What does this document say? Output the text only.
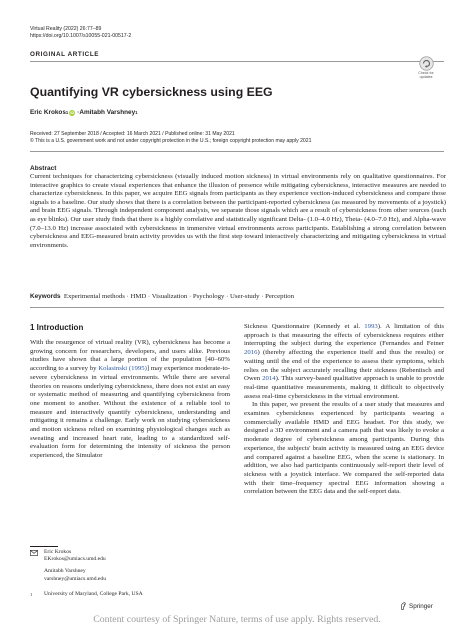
Virtual Reality (2022) 26:77–89
https://doi.org/10.1007/s10055-021-00517-2
ORIGINAL ARTICLE
Check for
updates
Quantifying VR cybersickness using EEG
Eric Krokos 1 iD · Amitabh Varshney 1
Received: 27 September 2018 / Accepted: 16 March 2021 / Published online: 31 May 2021
© This is a U.S. government work and not under copyright protection in the U.S.; foreign copyright protection may apply 2021
Abstract
Current techniques for characterizing cybersickness (visually induced motion sickness) in virtual environments rely on qualitative questionnaires. For interactive graphics to create visual experiences that enhance the illusion of presence while mitigating cybersickness, interactive measures are needed to characterize cybersickness. In this paper, we acquire EEG signals from participants as they experience vection-induced cybersickness and compare those signals to a baseline. Our study shows that there is a correlation between the participant-reported cybersickness (as measured by movements of a joystick) and brain EEG signals. Through independent component analysis, we separate those signals which are a result of cybersickness from other sources (such as eye blinks). Our user study finds that there is a highly correlative and statistically significant Delta- (1.0–4.0 Hz), Theta- (4.0–7.0 Hz), and Alpha-wave (7.0–13.0 Hz) increase associated with cybersickness in immersive virtual environments across participants. Establishing a strong correlation between cybersickness and EEG-measured brain activity provides us with the first step toward interactively characterizing and mitigating cybersickness in virtual environments.
Keywords Experimental methods · HMD · Visualization · Psychology · User-study · Perception
1 Introduction

With the resurgence of virtual reality (VR), cybersickness has become a growing concern for researchers, developers, and users alike. Previous studies have shown that a large portion of the population [40–60% according to a survey by Kolasinski (1995)] may experience moderate-to-severe cybersickness in virtual environments. While there are several theories on reasons underlying cybersickness, there does not exist an easy or systematic method of measuring and quantifying cybersickness from one moment to another. Without the existence of a reliable tool to measure and interactively quantify cybersickness, understanding and mitigating it remains a challenge. Early work on studying cybersickness and motion sickness relied on examining physiological changes such as sweating and increased heart rate, leading to a standardized self-evaluation form for determining the intensity of sickness the person experienced, the Simulator

Sickness Questionnaire (Kennedy et al. 1993). A limitation of this approach is that measuring the effects of cybersickness requires either interrupting the subject during the experience (Fernandes and Feiner 2016) (thereby affecting the experience itself and thus the results) or waiting until the end of the experience to assess their symptoms, which relies on the subject accurately recalling their sickness (Rebenitsch and Owen 2014). This survey-based qualitative approach is unable to provide real-time quantitative measurements, making it difficult to objectively assess real-time cybersickness in the virtual environment.

In this paper, we present the results of a user study that measures and examines cybersickness experienced by participants wearing a commercially available HMD and EEG headset. For this study, we designed a 3D environment and a camera path that was likely to evoke a moderate degree of cybersickness among participants. During this experience, the subjects' brain activity is measured using an EEG device and compared against a baseline EEG, when the scene is stationary. In addition, we also had participants continuously self-report their level of sickness with a joystick interface. We compared the self-reported data with their time–frequency spectral EEG information showing a correlation between the EEG data and the self-report data.

Eric Krokos
EKrokos@umiacs.umd.edu
Amitabh Varshney
varshney@umiacs.umd.edu
1	University of Maryland, College Park, USA
Springer
Content courtesy of Springer Nature, terms of use apply. Rights reserved.
